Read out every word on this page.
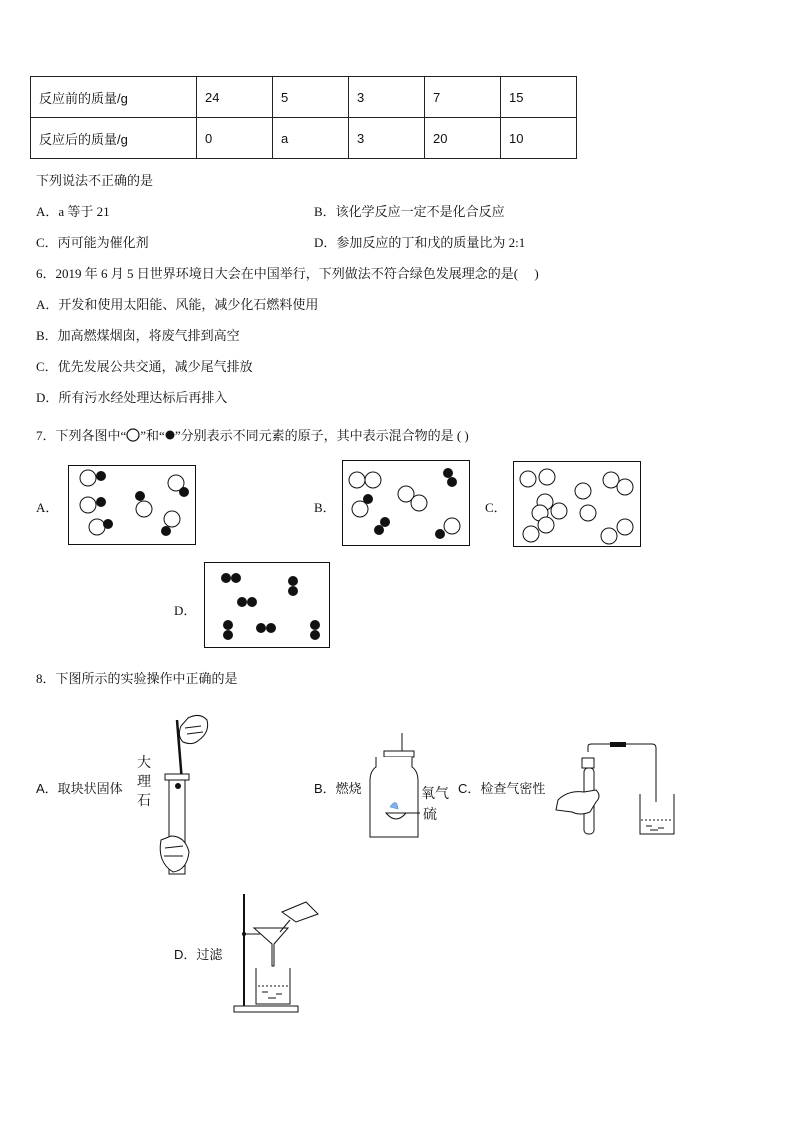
反应前的质量/g	24	5	3	7	15
反应后的质量/g	0	a	3	20	10
下列说法不正确的是
A．a 等于 21	B．该化学反应一定不是化合反应
C．丙可能为催化剂	D．参加反应的丁和戊的质量比为 2:1
6．2019 年 6 月 5 日世界环境日大会在中国举行，下列做法不符合绿色发展理念的是(　 )
A．开发和使用太阳能、风能，减少化石燃料使用
B．加高燃煤烟囱，将废气排到高空
C．优先发展公共交通，减少尾气排放
D．所有污水经处理达标后再排入
7．下列各图中“ ”和“ ”分别表示不同元素的原子，其中表示混合物的是 ( )
A．	B．	C．
D．
8．下图所示的实验操作中正确的是
A．取块状固体
大
理
石
B．燃烧	氧气
硫
C．检查气密性
D．过滤
